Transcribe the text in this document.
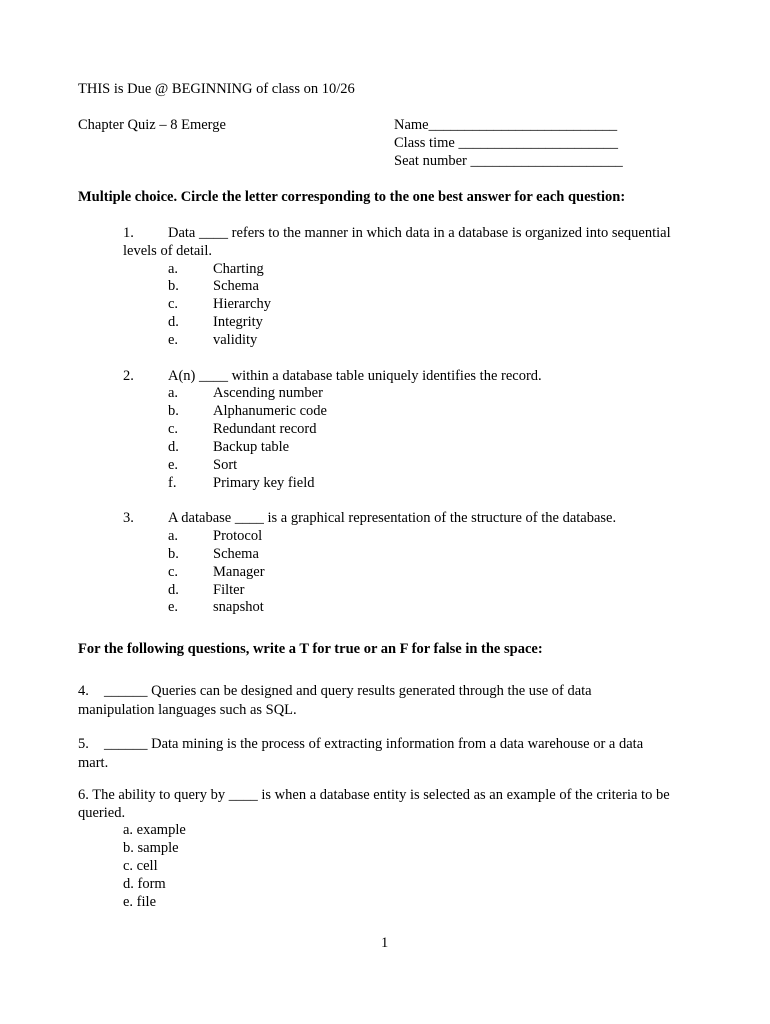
THIS is Due @ BEGINNING of class on 10/26
Chapter Quiz – 8 Emerge	Name__________________________
Class time ______________________
Seat number _____________________
Multiple choice. Circle the letter corresponding to the one best answer for each question:
1. Data ____ refers to the manner in which data in a database is organized into sequential
levels of detail.
a. Charting
b. Schema
c. Hierarchy
d. Integrity
e. validity
2. A(n) ____ within a database table uniquely identifies the record.
a. Ascending number
b. Alphanumeric code
c. Redundant record
d. Backup table
e. Sort
f.	Primary key field
3. A database ____ is a graphical representation of the structure of the database.
a. Protocol
b. Schema
c. Manager
d. Filter
e. snapshot
For the following questions, write a T for true or an F for false in the space:
4. ______ Queries can be designed and query results generated through the use of data
manipulation languages such as SQL.
5. ______ Data mining is the process of extracting information from a data warehouse or a data
mart.
6. The ability to query by ____ is when a database entity is selected as an example of the criteria to be
queried.
a. example
b. sample
c. cell
d. form
e. file
1
